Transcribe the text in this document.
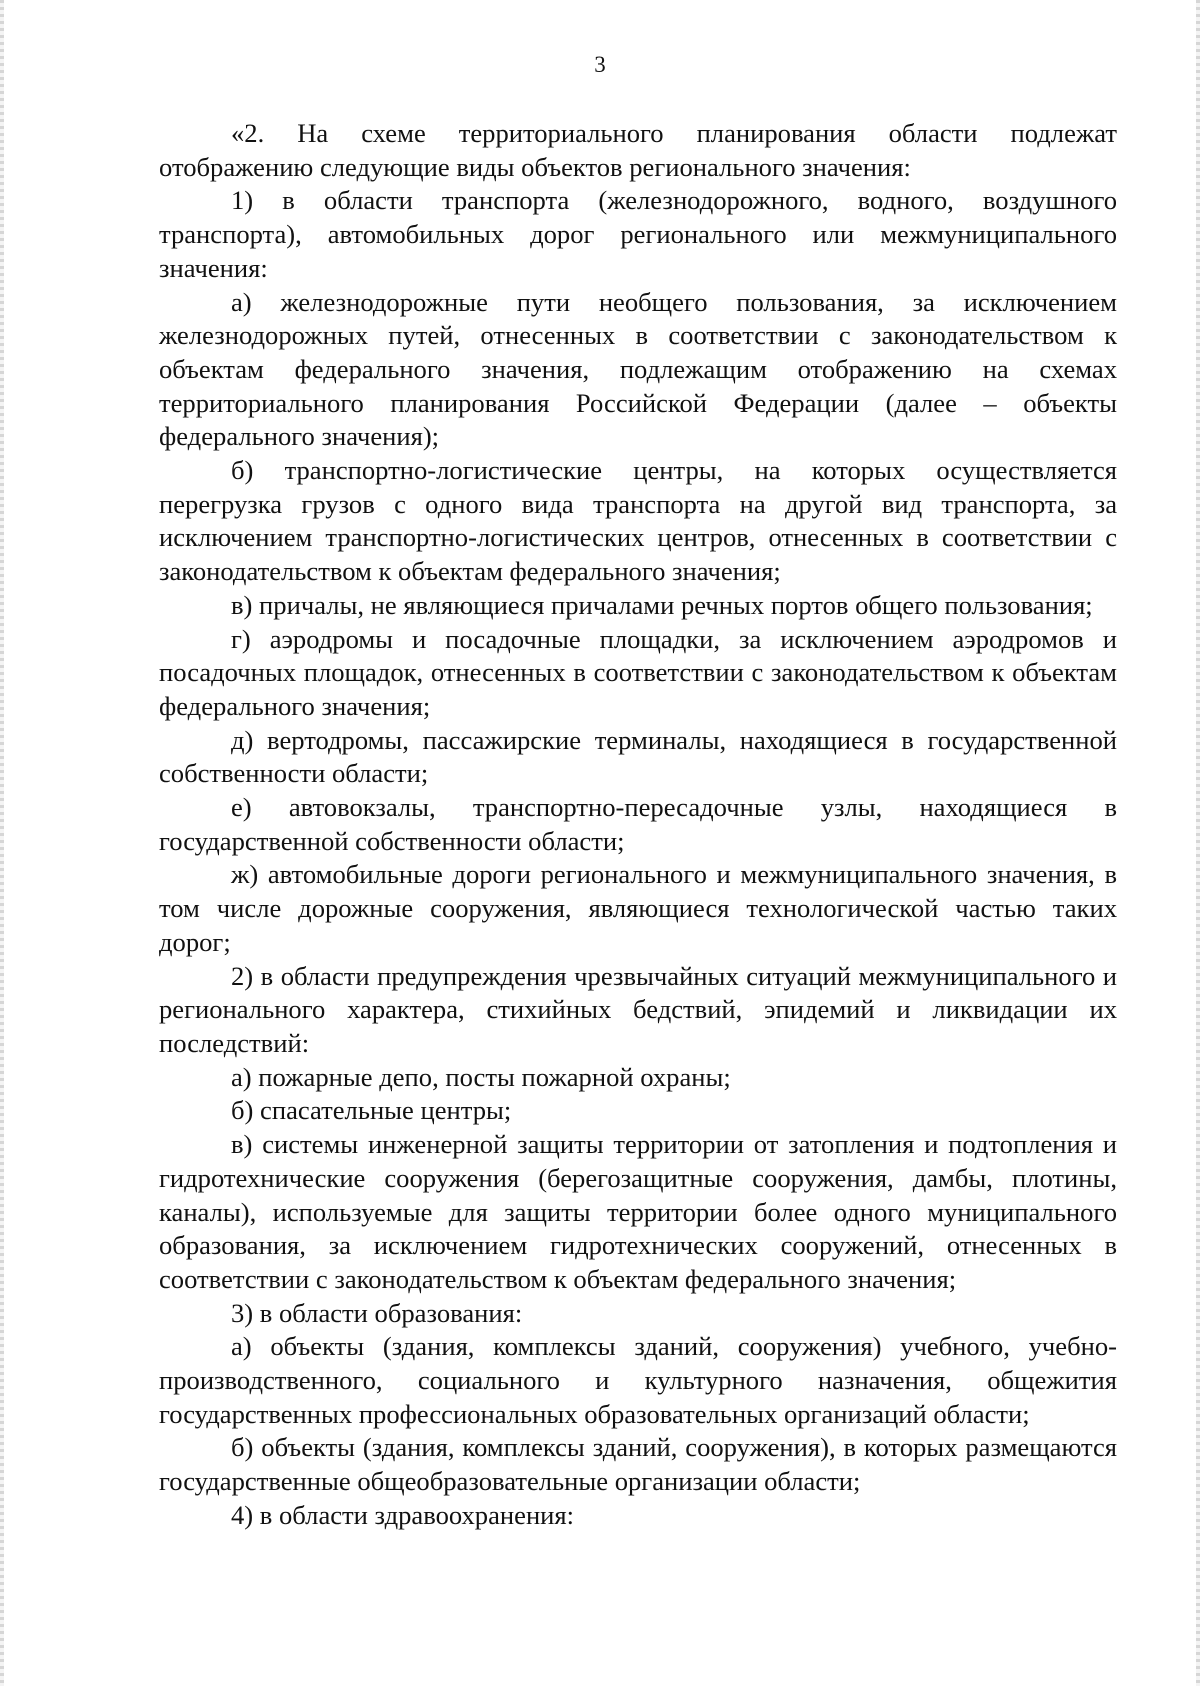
3

«2. На схеме территориального планирования области подлежат отображению следующие виды объектов регионального значения:

1) в области транспорта (железнодорожного, водного, воздушного транспорта), автомобильных дорог регионального или межмуниципального значения:

а) железнодорожные пути необщего пользования, за исключением железнодорожных путей, отнесенных в соответствии с законодательством к объектам федерального значения, подлежащим отображению на схемах территориального планирования Российской Федерации (далее – объекты федерального значения);

б) транспортно-логистические центры, на которых осуществляется перегрузка грузов с одного вида транспорта на другой вид транспорта, за исключением транспортно-логистических центров, отнесенных в соответствии с законодательством к объектам федерального значения;

в) причалы, не являющиеся причалами речных портов общего пользования;

г) аэродромы и посадочные площадки, за исключением аэродромов и посадочных площадок, отнесенных в соответствии с законодательством к объектам федерального значения;

д) вертодромы, пассажирские терминалы, находящиеся в государственной собственности области;

е) автовокзалы, транспортно-пересадочные узлы, находящиеся в государственной собственности области;

ж) автомобильные дороги регионального и межмуниципального значения, в том числе дорожные сооружения, являющиеся технологической частью таких дорог;

2) в области предупреждения чрезвычайных ситуаций межмуниципального и регионального характера, стихийных бедствий, эпидемий и ликвидации их последствий:

а) пожарные депо, посты пожарной охраны;

б) спасательные центры;

в) системы инженерной защиты территории от затопления и подтопления и гидротехнические сооружения (берегозащитные сооружения, дамбы, плотины, каналы), используемые для защиты территории более одного муниципального образования, за исключением гидротехнических сооружений, отнесенных в соответствии с законодательством к объектам федерального значения;

3) в области образования:

а) объекты (здания, комплексы зданий, сооружения) учебного, учебно-производственного, социального и культурного назначения, общежития государственных профессиональных образовательных организаций области;

б) объекты (здания, комплексы зданий, сооружения), в которых размещаются государственные общеобразовательные организации области;

4) в области здравоохранения:
